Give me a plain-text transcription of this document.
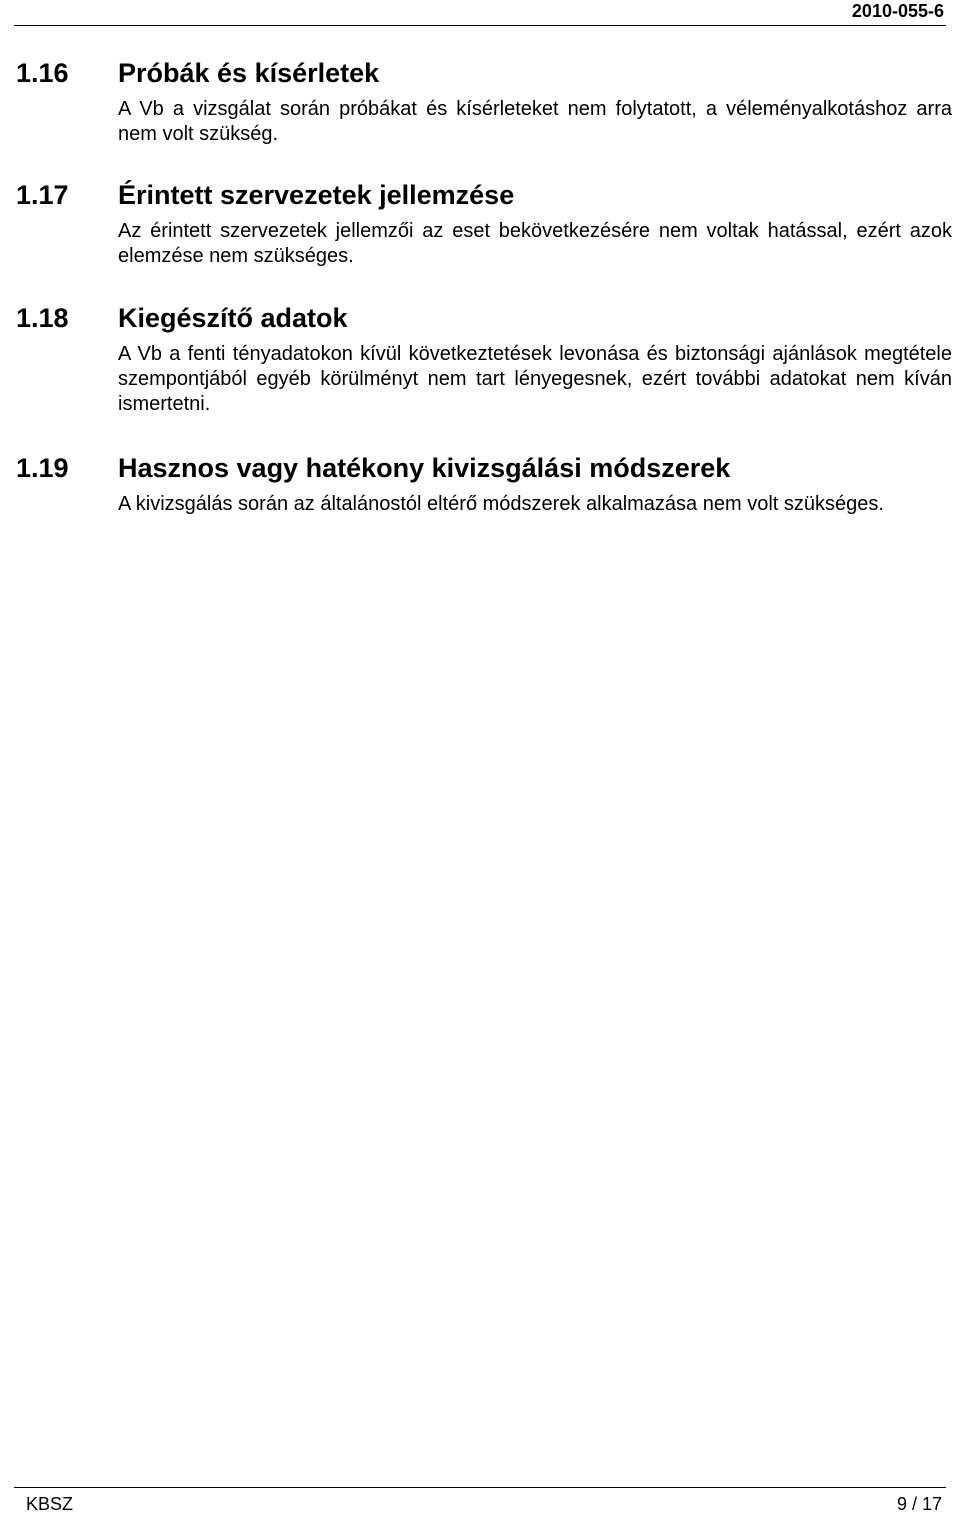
2010-055-6
1.16	Próbák és kísérletek
A Vb a vizsgálat során próbákat és kísérleteket nem folytatott, a véleményalkotáshoz arra nem volt szükség.
1.17	Érintett szervezetek jellemzése
Az érintett szervezetek jellemzői az eset bekövetkezésére nem voltak hatással, ezért azok elemzése nem szükséges.
1.18	Kiegészítő adatok
A Vb a fenti tényadatokon kívül következtetések levonása és biztonsági ajánlások megtétele szempontjából egyéb körülményt nem tart lényegesnek, ezért további adatokat nem kíván ismertetni.
1.19	Hasznos vagy hatékony kivizsgálási módszerek
A kivizsgálás során az általánostól eltérő módszerek alkalmazása nem volt szükséges.
KBSZ	9 / 17
